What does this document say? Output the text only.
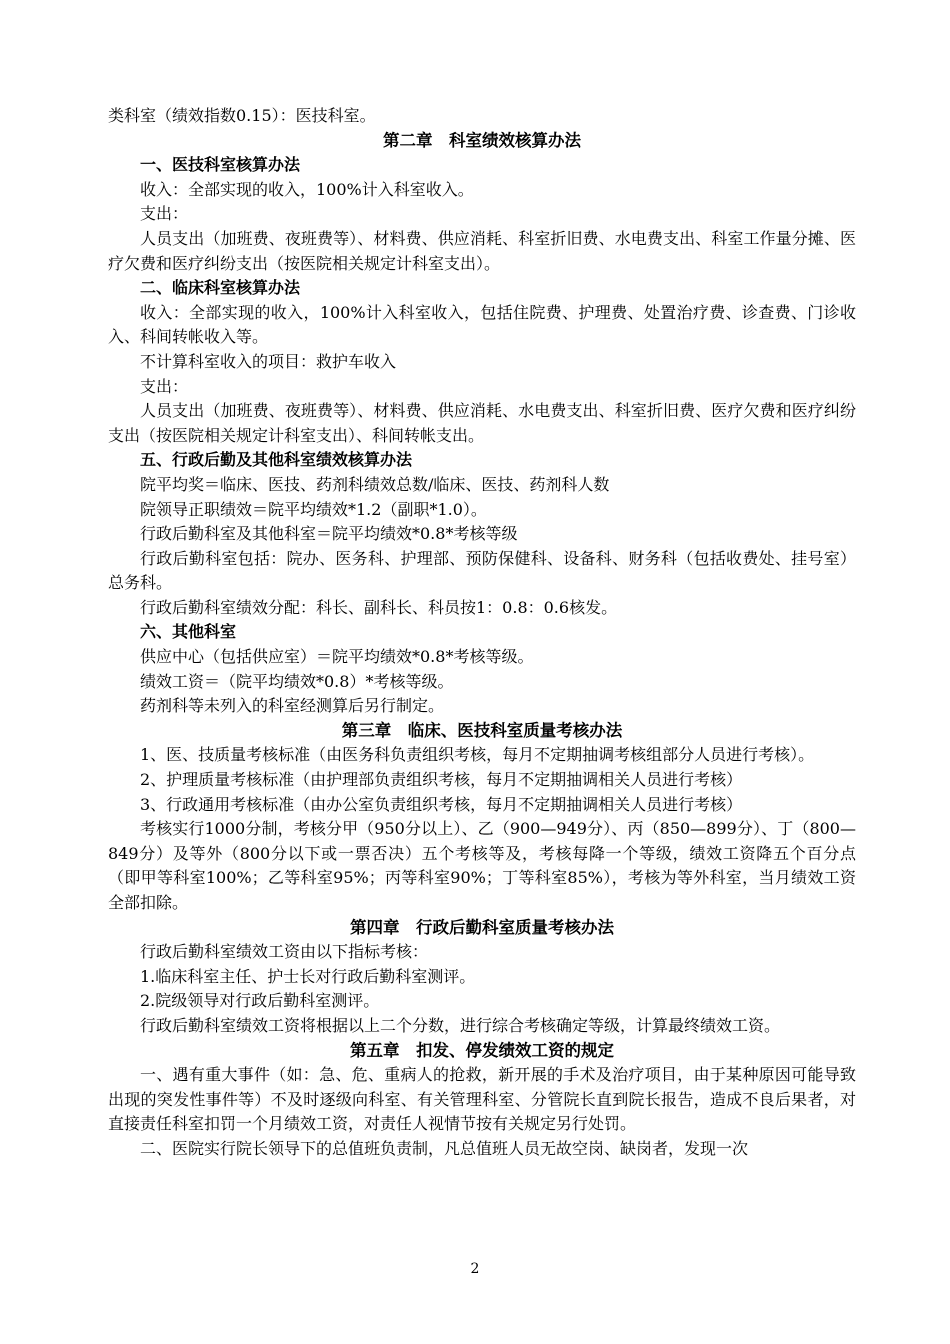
类科室（绩效指数0.15）：医技科室。

第二章　科室绩效核算办法

一、医技科室核算办法

收入：全部实现的收入，100%计入科室收入。

支出：

人员支出（加班费、夜班费等）、材料费、供应消耗、科室折旧费、水电费支出、科室工作量分摊、医疗欠费和医疗纠纷支出（按医院相关规定计科室支出）。

二、临床科室核算办法

收入：全部实现的收入，100%计入科室收入，包括住院费、护理费、处置治疗费、诊查费、门诊收入、科间转帐收入等。

不计算科室收入的项目：救护车收入

支出：

人员支出（加班费、夜班费等）、材料费、供应消耗、水电费支出、科室折旧费、医疗欠费和医疗纠纷支出（按医院相关规定计科室支出）、科间转帐支出。

五、行政后勤及其他科室绩效核算办法

院平均奖＝临床、医技、药剂科绩效总数/临床、医技、药剂科人数

院领导正职绩效＝院平均绩效*1.2（副职*1.0）。

行政后勤科室及其他科室＝院平均绩效*0.8*考核等级

行政后勤科室包括：院办、医务科、护理部、预防保健科、设备科、财务科（包括收费处、挂号室）总务科。

行政后勤科室绩效分配：科长、副科长、科员按1：0.8：0.6核发。

六、其他科室

供应中心（包括供应室）＝院平均绩效*0.8*考核等级。

绩效工资＝（院平均绩效*0.8）*考核等级。

药剂科等未列入的科室经测算后另行制定。

第三章　临床、医技科室质量考核办法

1、医、技质量考核标准（由医务科负责组织考核，每月不定期抽调考核组部分人员进行考核）。

2、护理质量考核标准（由护理部负责组织考核，每月不定期抽调相关人员进行考核）

3、行政通用考核标准（由办公室负责组织考核，每月不定期抽调相关人员进行考核）

考核实行1000分制，考核分甲（950分以上）、乙（900—949分）、丙（850—899分）、丁（800—849分）及等外（800分以下或一票否决）五个考核等及，考核每降一个等级，绩效工资降五个百分点（即甲等科室100%；乙等科室95%；丙等科室90%；丁等科室85%），考核为等外科室，当月绩效工资全部扣除。

第四章　行政后勤科室质量考核办法

行政后勤科室绩效工资由以下指标考核：

1.临床科室主任、护士长对行政后勤科室测评。

2.院级领导对行政后勤科室测评。

行政后勤科室绩效工资将根据以上二个分数，进行综合考核确定等级，计算最终绩效工资。

第五章　扣发、停发绩效工资的规定

一、遇有重大事件（如：急、危、重病人的抢救，新开展的手术及治疗项目，由于某种原因可能导致出现的突发性事件等）不及时逐级向科室、有关管理科室、分管院长直到院长报告，造成不良后果者，对直接责任科室扣罚一个月绩效工资，对责任人视情节按有关规定另行处罚。

二、医院实行院长领导下的总值班负责制，凡总值班人员无故空岗、缺岗者，发现一次

2
